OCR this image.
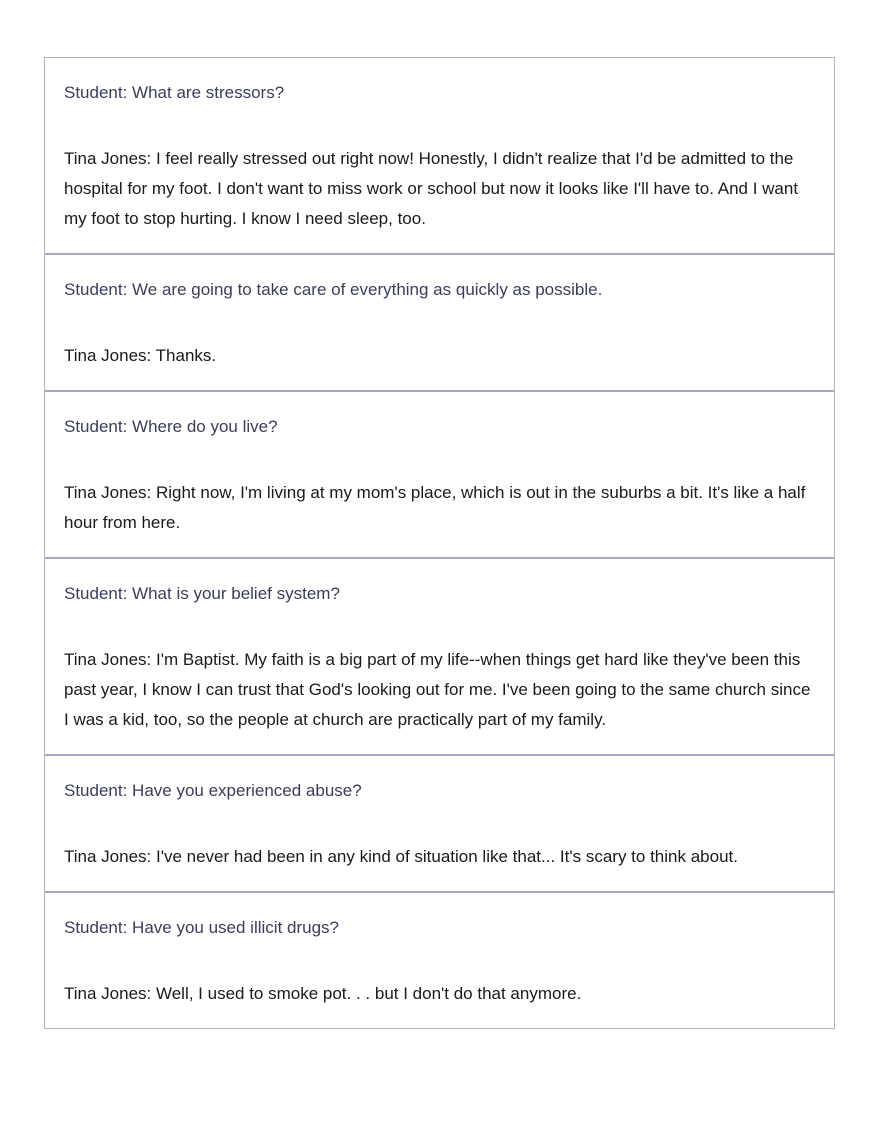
Student: What are stressors?
Tina Jones: I feel really stressed out right now! Honestly, I didn't realize that I'd be admitted to the hospital for my foot. I don't want to miss work or school but now it looks like I'll have to. And I want my foot to stop hurting. I know I need sleep, too.
Student: We are going to take care of everything as quickly as possible.
Tina Jones: Thanks.
Student: Where do you live?
Tina Jones: Right now, I'm living at my mom's place, which is out in the suburbs a bit. It's like a half hour from here.
Student: What is your belief system?
Tina Jones: I'm Baptist. My faith is a big part of my life--when things get hard like they've been this past year, I know I can trust that God's looking out for me. I've been going to the same church since I was a kid, too, so the people at church are practically part of my family.
Student: Have you experienced abuse?
Tina Jones: I've never had been in any kind of situation like that... It's scary to think about.
Student: Have you used illicit drugs?
Tina Jones: Well, I used to smoke pot. . . but I don't do that anymore.
